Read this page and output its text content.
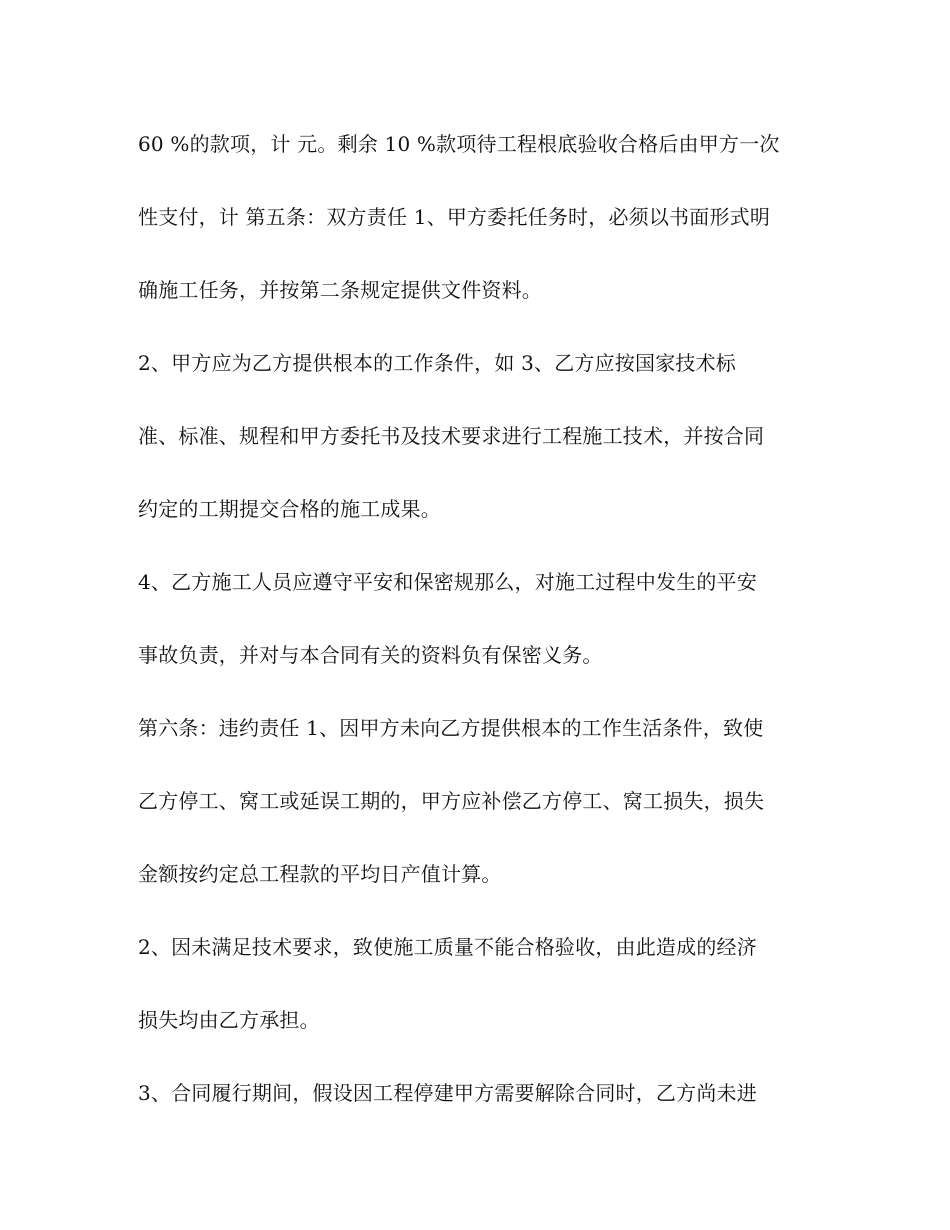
60 %的款项，计 元。剩余 10 %款项待工程根底验收合格后由甲方一次
性支付，计 第五条：双方责任 1、甲方委托任务时，必须以书面形式明
确施工任务，并按第二条规定提供文件资料。
2、甲方应为乙方提供根本的工作条件，如 3、乙方应按国家技术标
准、标准、规程和甲方委托书及技术要求进行工程施工技术，并按合同
约定的工期提交合格的施工成果。
4、乙方施工人员应遵守平安和保密规那么，对施工过程中发生的平安
事故负责，并对与本合同有关的资料负有保密义务。
第六条：违约责任 1、因甲方未向乙方提供根本的工作生活条件，致使
乙方停工、窝工或延误工期的，甲方应补偿乙方停工、窝工损失，损失
金额按约定总工程款的平均日产值计算。
2、因未满足技术要求，致使施工质量不能合格验收，由此造成的经济
损失均由乙方承担。
3、合同履行期间，假设因工程停建甲方需要解除合同时，乙方尚未进
